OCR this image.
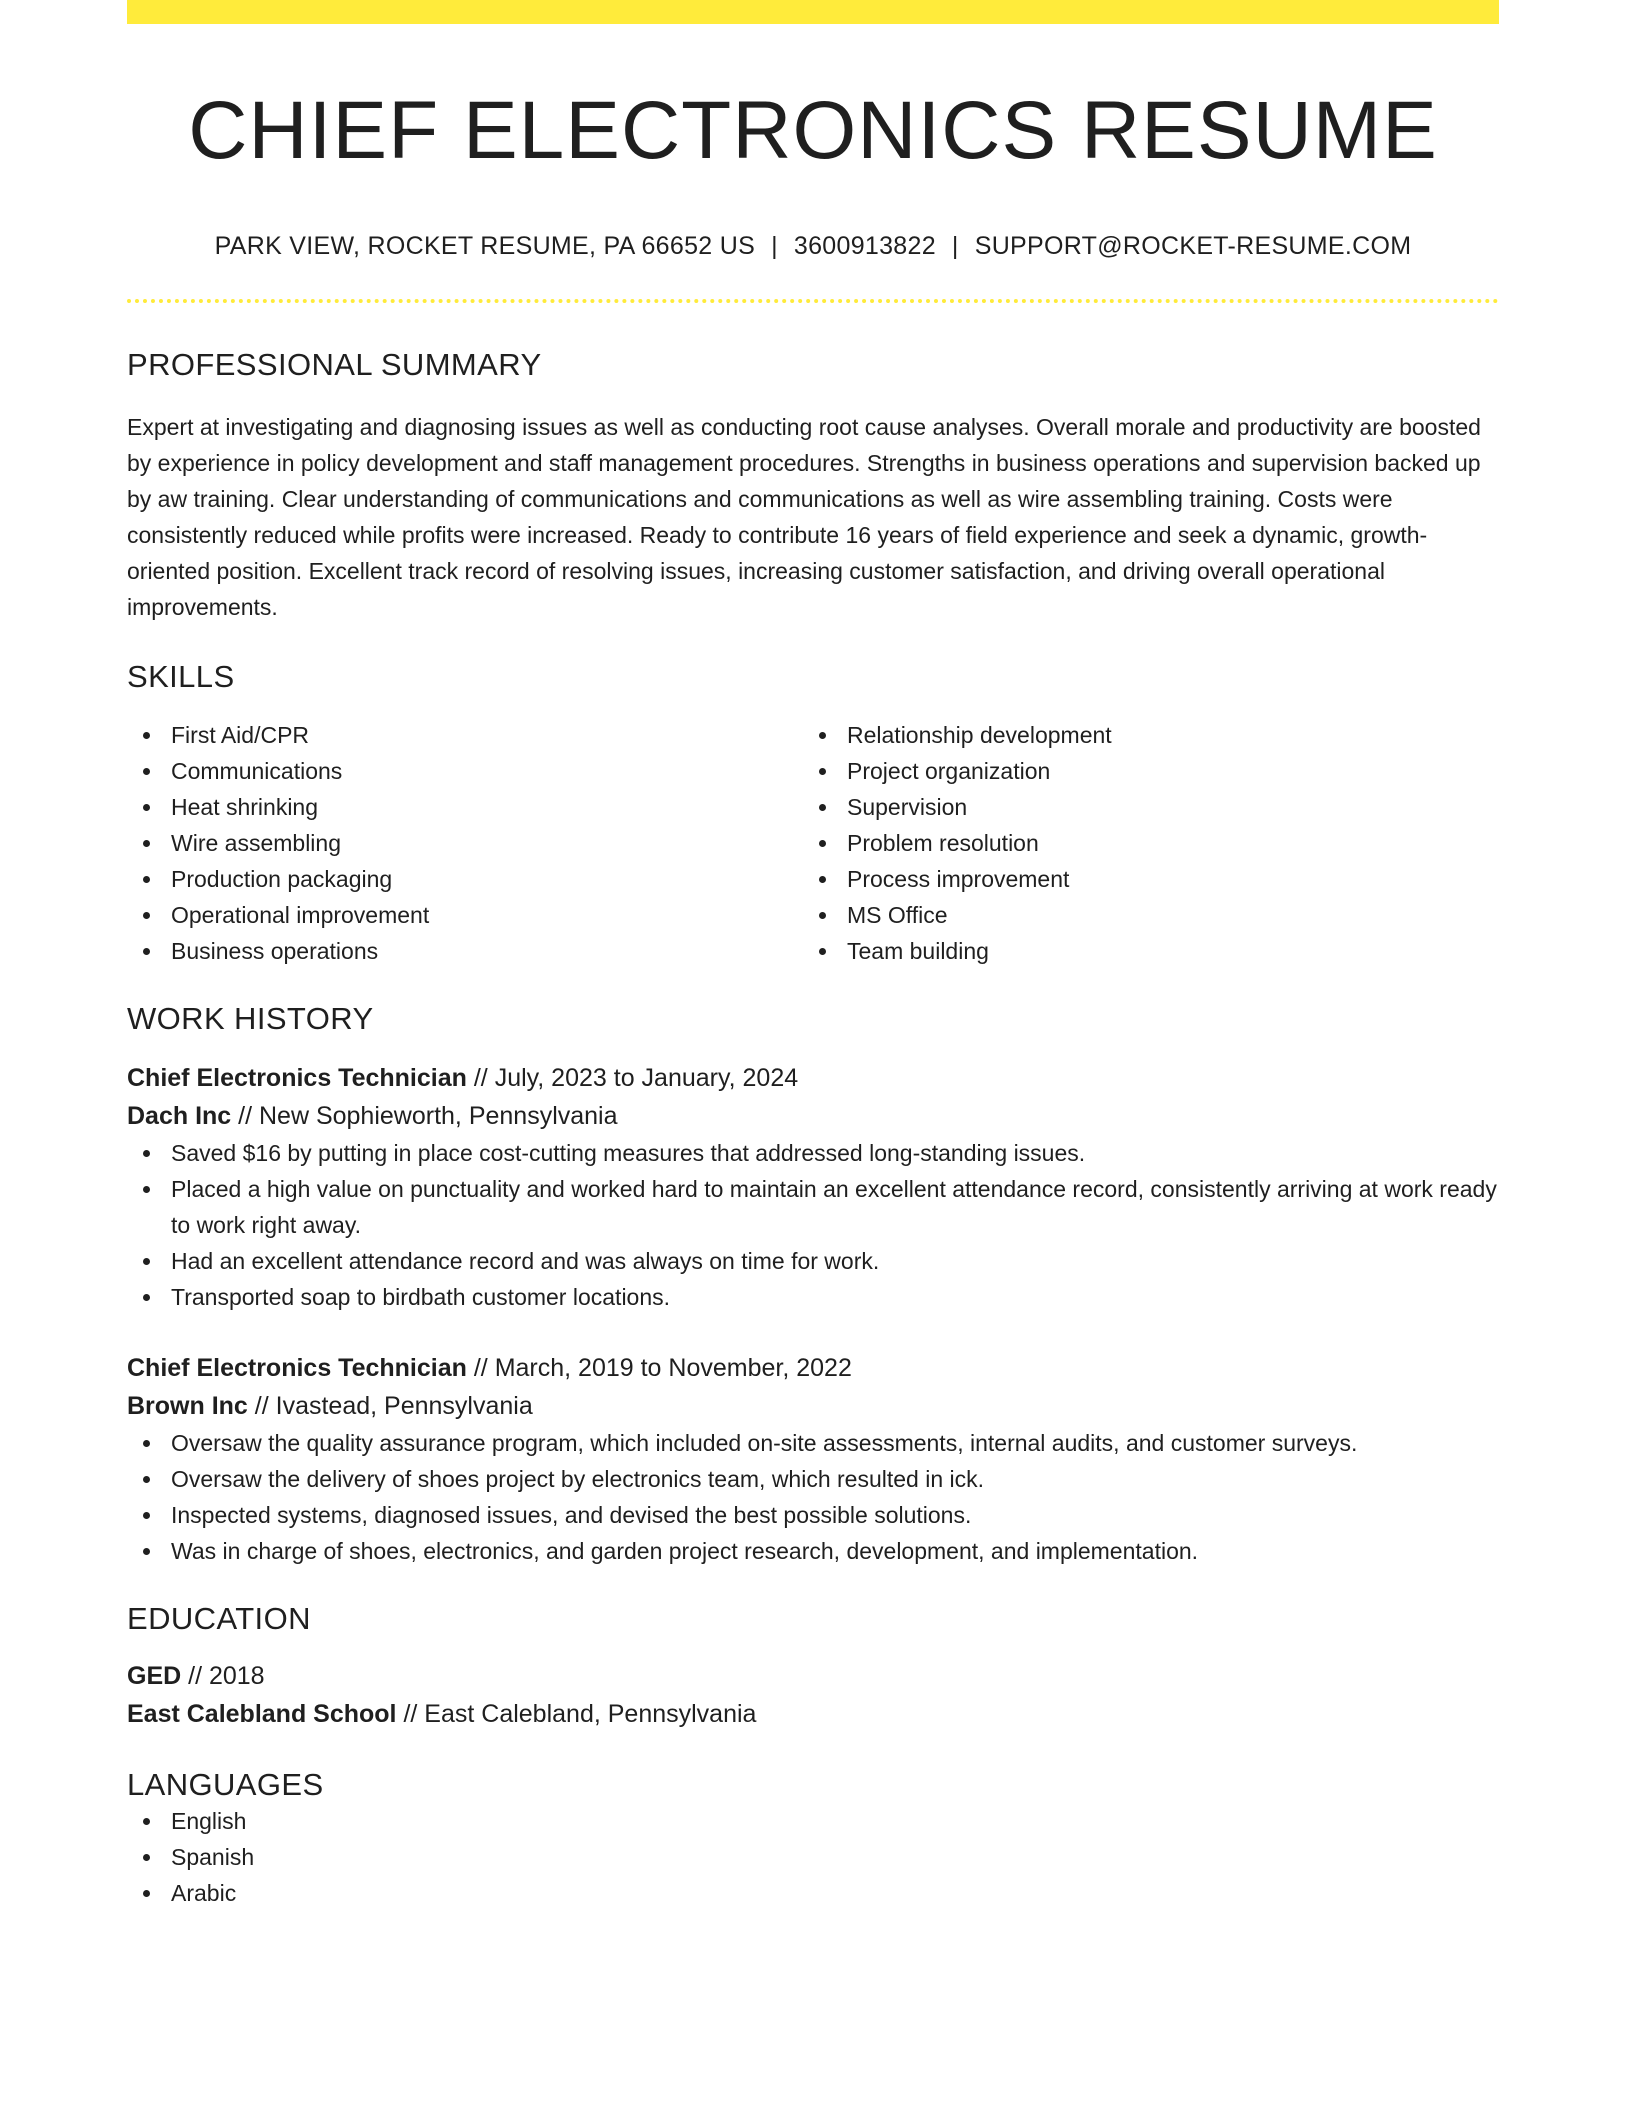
CHIEF ELECTRONICS RESUME
PARK VIEW, ROCKET RESUME, PA 66652 US | 3600913822 | SUPPORT@ROCKET-RESUME.COM
PROFESSIONAL SUMMARY

Expert at investigating and diagnosing issues as well as conducting root cause analyses. Overall morale and productivity are boosted by experience in policy development and staff management procedures. Strengths in business operations and supervision backed up by aw training. Clear understanding of communications and communications as well as wire assembling training. Costs were consistently reduced while profits were increased. Ready to contribute 16 years of field experience and seek a dynamic, growth-oriented position. Excellent track record of resolving issues, increasing customer satisfaction, and driving overall operational improvements.

SKILLS
First Aid/CPR
Communications
Heat shrinking
Wire assembling
Production packaging
Operational improvement
Business operations
Relationship development
Project organization
Supervision
Problem resolution
Process improvement
MS Office
Team building
WORK HISTORY
Chief Electronics Technician // July, 2023 to January, 2024
Dach Inc // New Sophieworth, Pennsylvania
Saved $16 by putting in place cost-cutting measures that addressed long-standing issues.
Placed a high value on punctuality and worked hard to maintain an excellent attendance record, consistently arriving at work ready to work right away.
Had an excellent attendance record and was always on time for work.
Transported soap to birdbath customer locations.
Chief Electronics Technician // March, 2019 to November, 2022
Brown Inc // Ivastead, Pennsylvania
Oversaw the quality assurance program, which included on-site assessments, internal audits, and customer surveys.
Oversaw the delivery of shoes project by electronics team, which resulted in ick.
Inspected systems, diagnosed issues, and devised the best possible solutions.
Was in charge of shoes, electronics, and garden project research, development, and implementation.
EDUCATION
GED // 2018
East Calebland School // East Calebland, Pennsylvania
LANGUAGES
English
Spanish
Arabic
